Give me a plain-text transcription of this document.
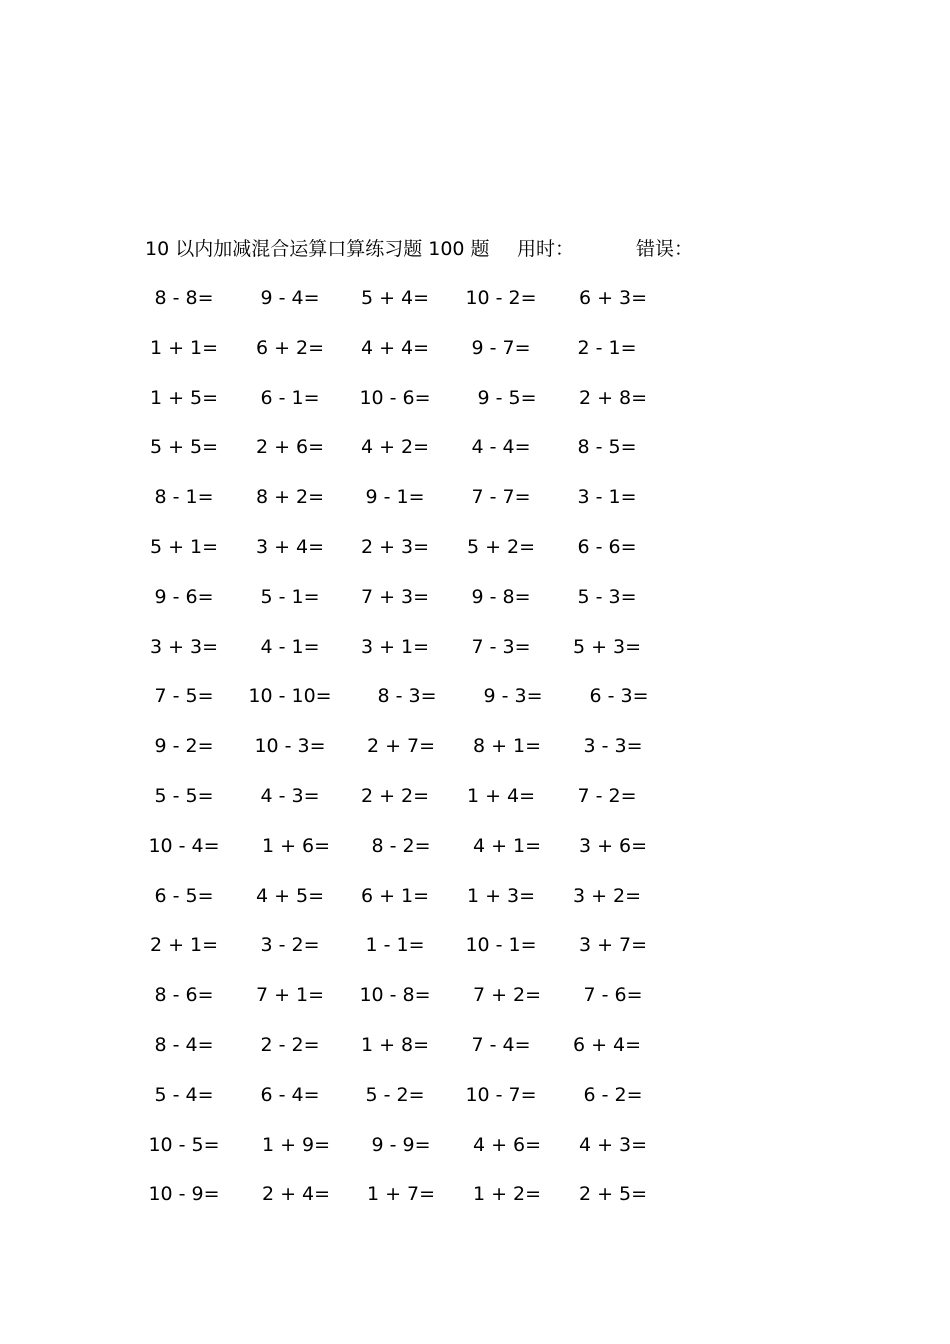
10 以内加减混合运算口算练习题 100 题 用时：	错误：
8 - 8= 9 - 4= 5 + 4= 10 - 2= 6 + 3=
1 + 1= 6 + 2= 4 + 4= 9 - 7= 2 - 1=
1 + 5= 6 - 1= 10 - 6= 9 - 5= 2 + 8=
5 + 5= 2 + 6= 4 + 2= 4 - 4= 8 - 5=
8 - 1= 8 + 2= 9 - 1= 7 - 7= 3 - 1=
5 + 1= 3 + 4= 2 + 3= 5 + 2= 6 - 6=
9 - 6= 5 - 1= 7 + 3= 9 - 8= 5 - 3=
3 + 3= 4 - 1= 3 + 1= 7 - 3= 5 + 3=
7 - 5= 10 - 10= 8 - 3= 9 - 3= 6 - 3=
9 - 2= 10 - 3= 2 + 7= 8 + 1= 3 - 3=
5 - 5= 4 - 3= 2 + 2= 1 + 4= 7 - 2=
10 - 4= 1 + 6= 8 - 2= 4 + 1= 3 + 6=
6 - 5= 4 + 5= 6 + 1= 1 + 3= 3 + 2=
2 + 1= 3 - 2= 1 - 1= 10 - 1= 3 + 7=
8 - 6= 7 + 1= 10 - 8= 7 + 2= 7 - 6=
8 - 4= 2 - 2= 1 + 8= 7 - 4= 6 + 4=
5 - 4= 6 - 4= 5 - 2= 10 - 7= 6 - 2=
10 - 5= 1 + 9= 9 - 9= 4 + 6= 4 + 3=
10 - 9= 2 + 4= 1 + 7= 1 + 2= 2 + 5=
